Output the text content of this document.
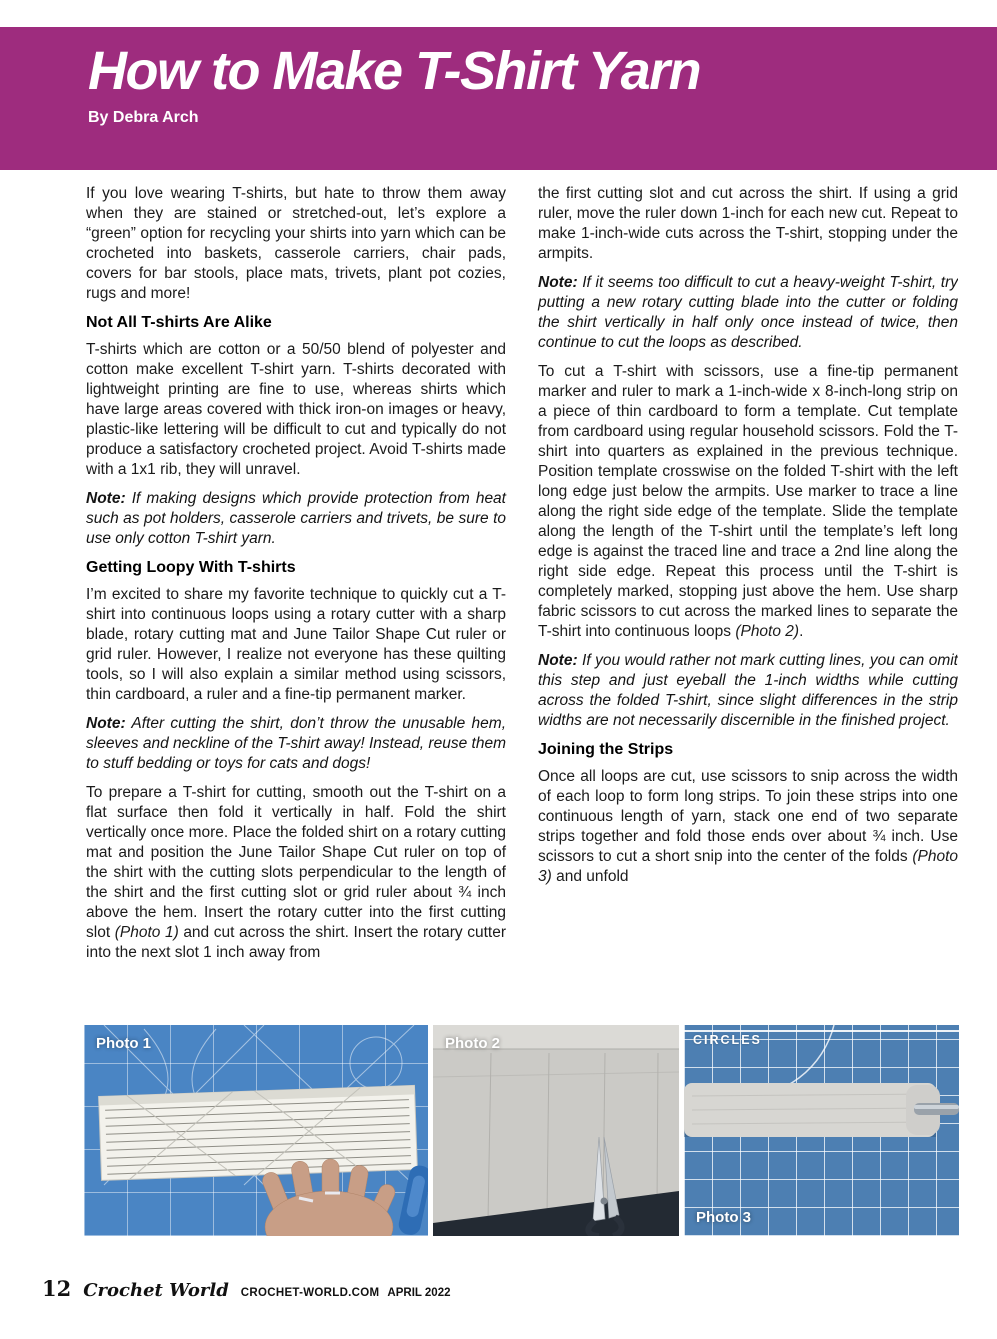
How to Make T-Shirt Yarn
By Debra Arch

If you love wearing T-shirts, but hate to throw them away when they are stained or stretched-out, let’s explore a “green” option for recycling your shirts into yarn which can be crocheted into baskets, casserole carriers, chair pads, covers for bar stools, place mats, trivets, plant pot cozies, rugs and more!

Not All T-shirts Are Alike

T-shirts which are cotton or a 50/50 blend of polyester and cotton make excellent T-shirt yarn. T-shirts decorated with lightweight printing are fine to use, whereas shirts which have large areas covered with thick iron-on images or heavy, plastic-like lettering will be difficult to cut and typically do not produce a satisfactory crocheted project. Avoid T-shirts made with a 1x1 rib, they will unravel.

Note: If making designs which provide protection from heat such as pot holders, casserole carriers and trivets, be sure to use only cotton T-shirt yarn.

Getting Loopy With T-shirts

I’m excited to share my favorite technique to quickly cut a T-shirt into continuous loops using a rotary cutter with a sharp blade, rotary cutting mat and June Tailor Shape Cut ruler or grid ruler. However, I realize not everyone has these quilting tools, so I will also explain a similar method using scissors, thin cardboard, a ruler and a fine-tip permanent marker.

Note: After cutting the shirt, don’t throw the unusable hem, sleeves and neckline of the T-shirt away! Instead, reuse them to stuff bedding or toys for cats and dogs!

To prepare a T-shirt for cutting, smooth out the T-shirt on a flat surface then fold it vertically in half. Fold the shirt vertically once more. Place the folded shirt on a rotary cutting mat and position the June Tailor Shape Cut ruler on top of the shirt with the cutting slots perpendicular to the length of the shirt and the first cutting slot or grid ruler about ¾ inch above the hem. Insert the rotary cutter into the first cutting slot (Photo 1) and cut across the shirt. Insert the rotary cutter into the next slot 1 inch away from

the first cutting slot and cut across the shirt. If using a grid ruler, move the ruler down 1-inch for each new cut. Repeat to make 1-inch-wide cuts across the T-shirt, stopping under the armpits.

Note: If it seems too difficult to cut a heavy-weight T-shirt, try putting a new rotary cutting blade into the cutter or folding the shirt vertically in half only once instead of twice, then continue to cut the loops as described.

To cut a T-shirt with scissors, use a fine-tip permanent marker and ruler to mark a 1-inch-wide x 8-inch-long strip on a piece of thin cardboard to form a template. Cut template from cardboard using regular household scissors. Fold the T-shirt into quarters as explained in the previous technique. Position template crosswise on the folded T-shirt with the left long edge just below the armpits. Use marker to trace a line along the right side edge of the template. Slide the template along the length of the T-shirt until the template’s left long edge is against the traced line and trace a 2nd line along the right side edge. Repeat this process until the T-shirt is completely marked, stopping just above the hem. Use sharp fabric scissors to cut across the marked lines to separate the T-shirt into continuous loops (Photo 2).

Note: If you would rather not mark cutting lines, you can omit this step and just eyeball the 1-inch widths while cutting across the folded T-shirt, since slight differences in the strip widths are not necessarily discernible in the finished project.

Joining the Strips

Once all loops are cut, use scissors to snip across the width of each loop to form long strips. To join these strips into one continuous length of yarn, stack one end of two separate strips together and fold those ends over about ¾ inch. Use scissors to cut a short snip into the center of the folds (Photo 3) and unfold

Photo 1	Photo 2	CIRCLES
Photo 3
12 Crochet World CROCHET-WORLD.COM APRIL 2022
